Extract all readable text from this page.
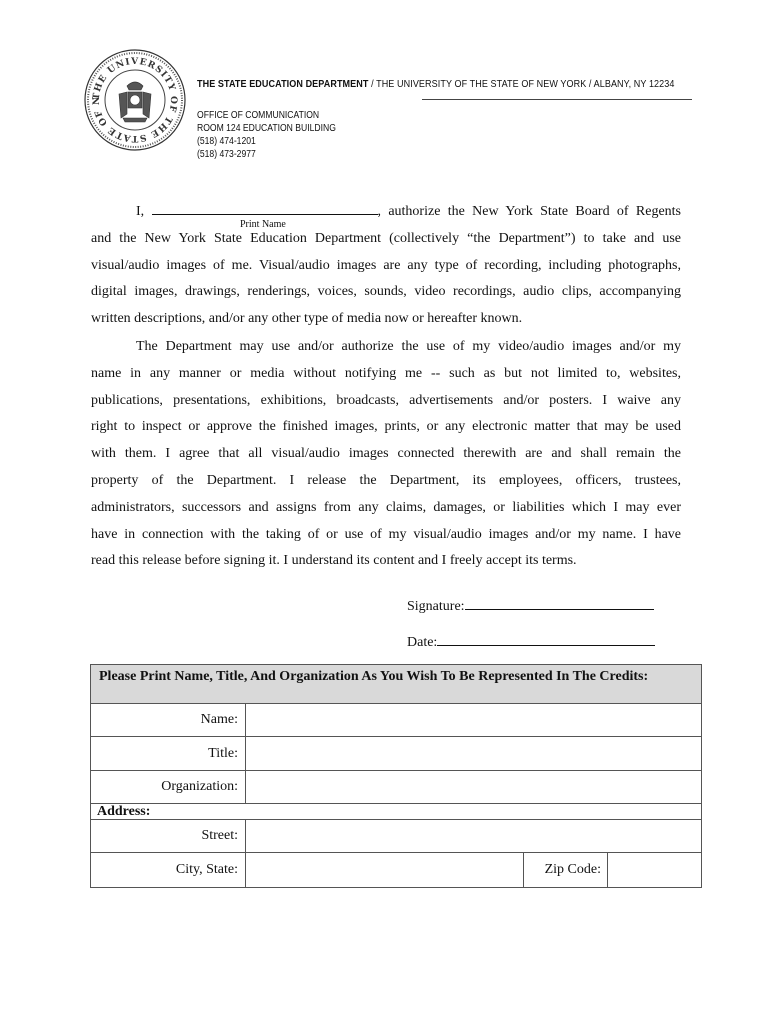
THE UNIVERSITY OF THE STATE OF N
THE STATE EDUCATION DEPARTMENT / THE UNIVERSITY OF THE STATE OF NEW YORK / ALBANY, NY 12234
OFFICE OF COMMUNICATION
ROOM 124 EDUCATION BUILDING
(518) 474-1201
(518) 473-2977
I,	, authorize the New York State Board of Regents
and the New York State Education Department (collectively “the Department”) to take and use
visual/audio images of me. Visual/audio images are any type of recording, including photographs,
digital images, drawings, renderings, voices, sounds, video recordings, audio clips, accompanying
written descriptions, and/or any other type of media now or hereafter known.
Print Name
The Department may use and/or authorize the use of my video/audio images and/or my
name in any manner or media without notifying me -- such as but not limited to, websites,
publications, presentations, exhibitions, broadcasts, advertisements and/or posters. I waive any
right to inspect or approve the finished images, prints, or any electronic matter that may be used
with them. I agree that all visual/audio images connected therewith are and shall remain the
property of the Department. I release the Department, its employees, officers, trustees,
administrators, successors and assigns from any claims, damages, or liabilities which I may ever
have in connection with the taking of or use of my visual/audio images and/or my name. I have
read this release before signing it. I understand its content and I freely accept its terms.
Signature:
Date:
Please Print Name, Title, And Organization As You Wish To Be Represented In The Credits:			
Name:			
Title:			
Organization:			
Address:			
Street:			
City, State:		Zip Code:	
